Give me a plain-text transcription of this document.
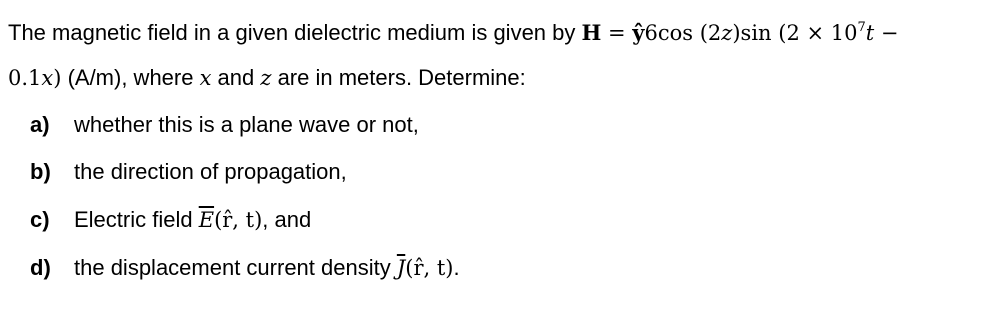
The magnetic field in a given dielectric medium is given by H = ŷ6cos (2z)sin ($2 \times 10^7t$ −
0.1x) (A/m), where x and z are in meters. Determine:
a) whether this is a plane wave or not,
b) the direction of propagation,
c) Electric field $\overline{E}(r̂$, t), and
d) the displacement current density $\overline{J}(r̂$, t).
